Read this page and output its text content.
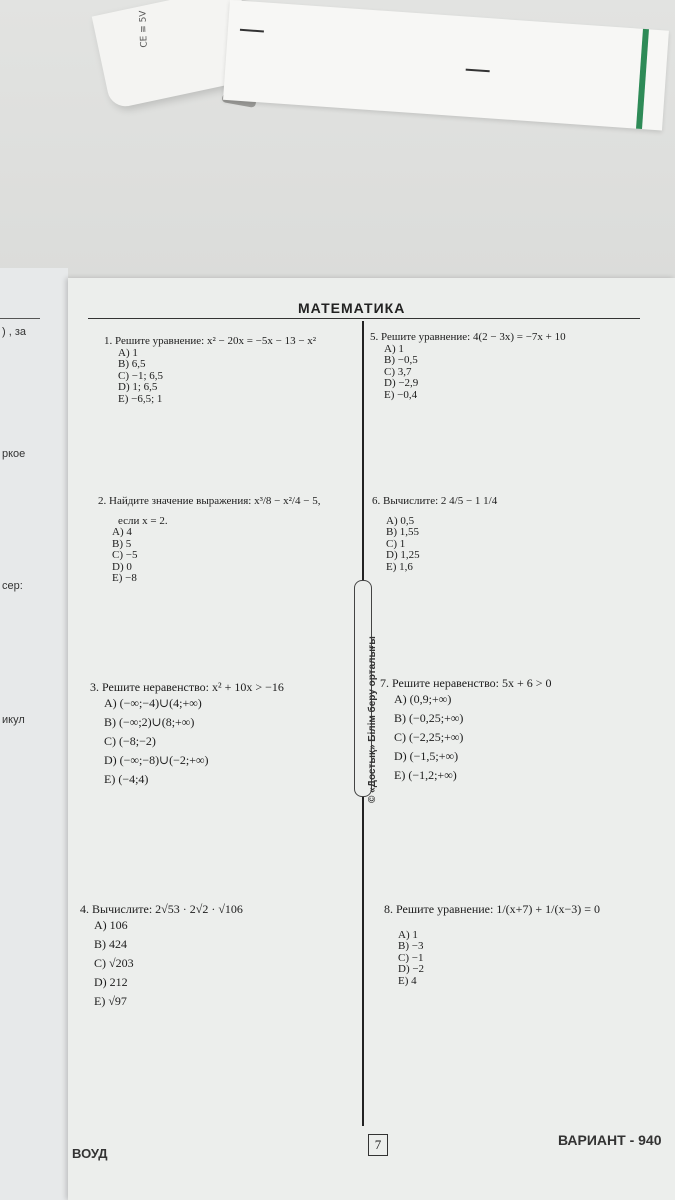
CE ≡ 5V
) , за
ркое
сер:
икул
МАТЕМАТИКА
© «Достық» Білім беру орталығы
1. Решите уравнение: x² − 20x = −5x − 13 − x²
A) 1
B) 6,5
C) −1; 6,5
D) 1; 6,5
E) −6,5; 1
2. Найдите значение выражения: x³/8 − x²/4 − 5,
если x = 2.
A) 4
B) 5
C) −5
D) 0
E) −8
3. Решите неравенство: x² + 10x > −16
A) (−∞;−4)∪(4;+∞)
B) (−∞;2)∪(8;+∞)
C) (−8;−2)
D) (−∞;−8)∪(−2;+∞)
E) (−4;4)
4. Вычислите: 2√53 · 2√2 · √106
A) 106
B) 424
C) √203
D) 212
E) √97
5. Решите уравнение: 4(2 − 3x) = −7x + 10
A) 1
B) −0,5
C) 3,7
D) −2,9
E) −0,4
6. Вычислите: 2 4/5 − 1 1/4
A) 0,5
B) 1,55
C) 1
D) 1,25
E) 1,6
7. Решите неравенство: 5x + 6 > 0
A) (0,9;+∞)
B) (−0,25;+∞)
C) (−2,25;+∞)
D) (−1,5;+∞)
E) (−1,2;+∞)
8. Решите уравнение: 1/(x+7) + 1/(x−3) = 0
A) 1
B) −3
C) −1
D) −2
E) 4
ВОУД
7	ВАРИАНТ - 940
